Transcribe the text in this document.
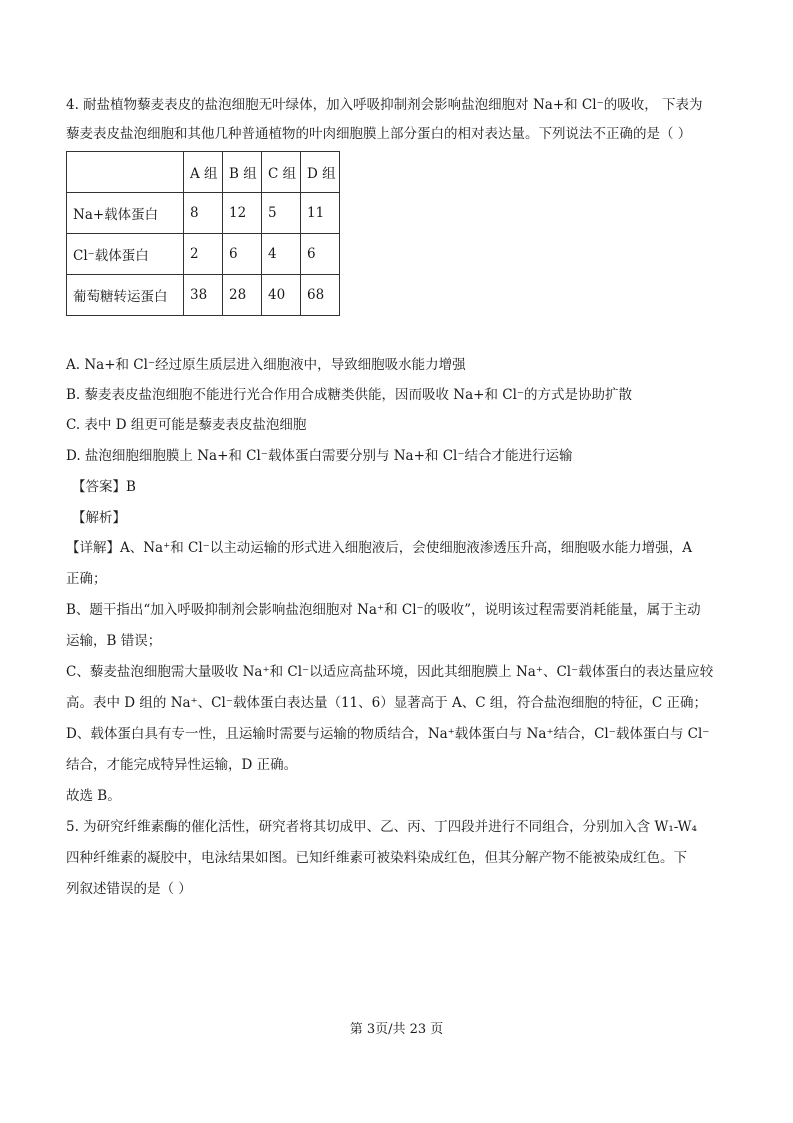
4. 耐盐植物藜麦表皮的盐泡细胞无叶绿体，加入呼吸抑制剂会影响盐泡细胞对 Na+和 Cl⁻的吸收， 下表为
藜麦表皮盐泡细胞和其他几种普通植物的叶肉细胞膜上部分蛋白的相对表达量。下列说法不正确的是（ ）
	A 组	B 组	C 组	D 组
Na+载体蛋白	8	12	5	11
Cl⁻载体蛋白	2	6	4	6
葡萄糖转运蛋白	38	28	40	68
A. Na+和 Cl⁻经过原生质层进入细胞液中，导致细胞吸水能力增强
B. 藜麦表皮盐泡细胞不能进行光合作用合成糖类供能，因而吸收 Na+和 Cl⁻的方式是协助扩散
C. 表中 D 组更可能是藜麦表皮盐泡细胞
D. 盐泡细胞细胞膜上 Na+和 Cl⁻载体蛋白需要分别与 Na+和 Cl⁻结合才能进行运输
【答案】B
【解析】
【详解】A、Na⁺和 Cl⁻以主动运输的形式进入细胞液后，会使细胞液渗透压升高，细胞吸水能力增强，A
正确；
B、题干指出“加入呼吸抑制剂会影响盐泡细胞对 Na⁺和 Cl⁻的吸收”，说明该过程需要消耗能量，属于主动
运输，B 错误；
C、藜麦盐泡细胞需大量吸收 Na⁺和 Cl⁻以适应高盐环境，因此其细胞膜上 Na⁺、Cl⁻载体蛋白的表达量应较
高。表中 D 组的 Na⁺、Cl⁻载体蛋白表达量（11、6）显著高于 A、C 组，符合盐泡细胞的特征，C 正确；
D、载体蛋白具有专一性，且运输时需要与运输的物质结合，Na⁺载体蛋白与 Na⁺结合，Cl⁻载体蛋白与 Cl⁻
结合，才能完成特异性运输，D 正确。
故选 B。
5. 为研究纤维素酶的催化活性，研究者将其切成甲、乙、丙、丁四段并进行不同组合，分别加入含 W₁-W₄
四种纤维素的凝胶中，电泳结果如图。已知纤维素可被染料染成红色，但其分解产物不能被染成红色。下
列叙述错误的是（ ）
第 3页/共 23 页
